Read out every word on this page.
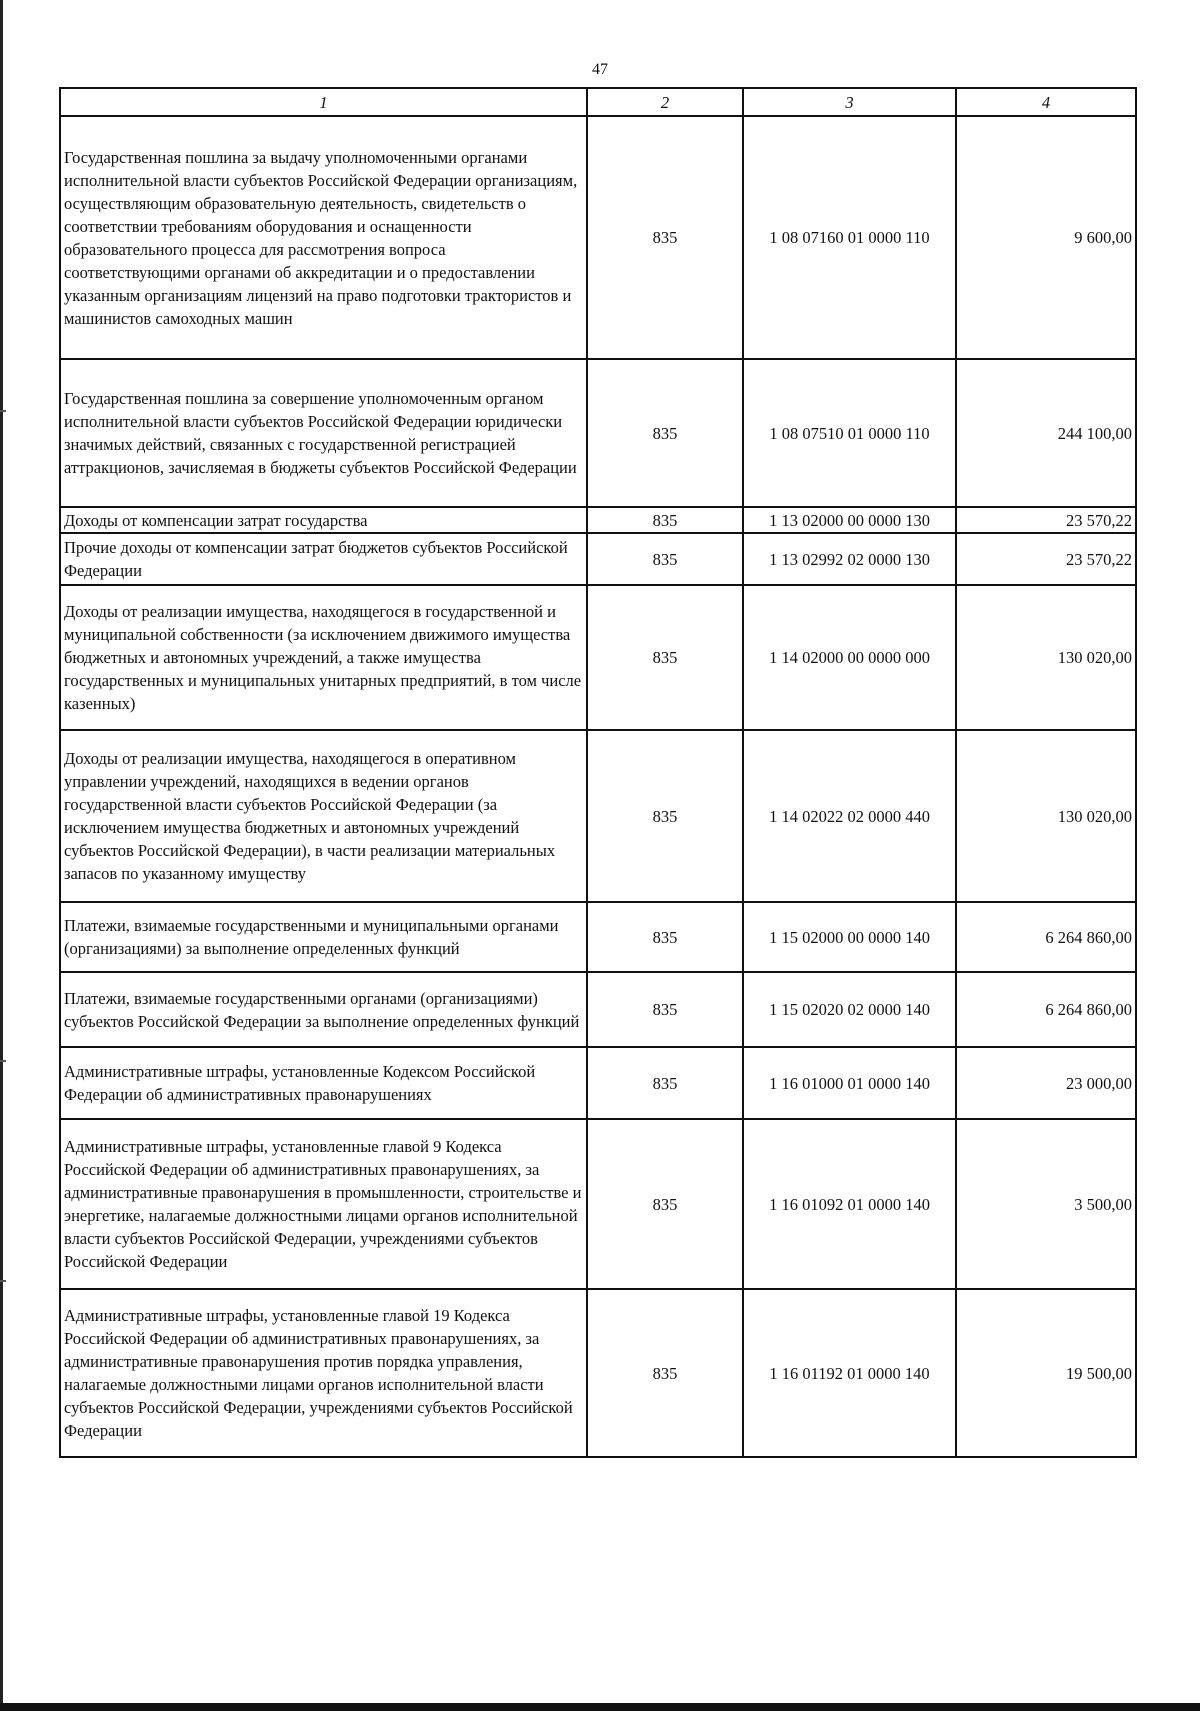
47
1	2	3	4
Государственная пошлина за выдачу уполномоченными органами исполнительной власти субъектов Российской Федерации организациям, осуществляющим образовательную деятельность, свидетельств о соответствии требованиям оборудования и оснащенности образовательного процесса для рассмотрения вопроса соответствующими органами об аккредитации и о предоставлении указанным организациям лицензий на право подготовки трактористов и машинистов самоходных машин	835	1 08 07160 01 0000 110	9 600,00
Государственная пошлина за совершение уполномоченным органом исполнительной власти субъектов Российской Федерации юридически значимых действий, связанных с государственной регистрацией аттракционов, зачисляемая в бюджеты субъектов Российской Федерации	835	1 08 07510 01 0000 110	244 100,00
Доходы от компенсации затрат государства	835	1 13 02000 00 0000 130	23 570,22
Прочие доходы от компенсации затрат бюджетов субъектов Российской Федерации	835	1 13 02992 02 0000 130	23 570,22
Доходы от реализации имущества, находящегося в государственной и муниципальной собственности (за исключением движимого имущества бюджетных и автономных учреждений, а также имущества государственных и муниципальных унитарных предприятий, в том числе казенных)	835	1 14 02000 00 0000 000	130 020,00
Доходы от реализации имущества, находящегося в оперативном управлении учреждений, находящихся в ведении органов государственной власти субъектов Российской Федерации (за исключением имущества бюджетных и автономных учреждений субъектов Российской Федерации), в части реализации материальных запасов по указанному имуществу	835	1 14 02022 02 0000 440	130 020,00
Платежи, взимаемые государственными и муниципальными органами (организациями) за выполнение определенных функций	835	1 15 02000 00 0000 140	6 264 860,00
Платежи, взимаемые государственными органами (организациями) субъектов Российской Федерации за выполнение определенных функций	835	1 15 02020 02 0000 140	6 264 860,00
Административные штрафы, установленные Кодексом Российской Федерации об административных правонарушениях	835	1 16 01000 01 0000 140	23 000,00
Административные штрафы, установленные главой 9 Кодекса Российской Федерации об административных правонарушениях, за административные правонарушения в промышленности, строительстве и энергетике, налагаемые должностными лицами органов исполнительной власти субъектов Российской Федерации, учреждениями субъектов Российской Федерации	835	1 16 01092 01 0000 140	3 500,00
Административные штрафы, установленные главой 19 Кодекса Российской Федерации об административных правонарушениях, за административные правонарушения против порядка управления, налагаемые должностными лицами органов исполнительной власти субъектов Российской Федерации, учреждениями субъектов Российской Федерации	835	1 16 01192 01 0000 140	19 500,00
